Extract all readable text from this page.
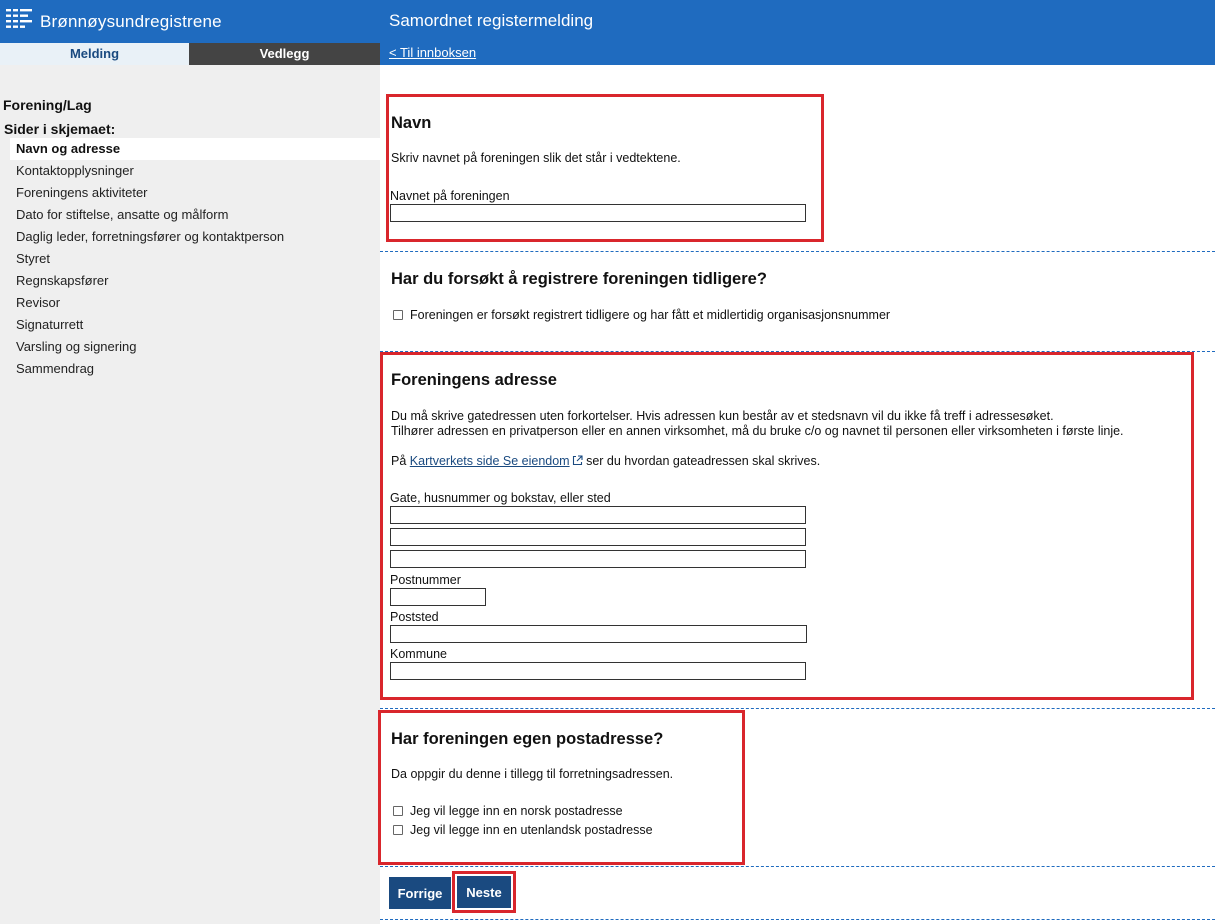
Brønnøysundregistrene	Samordnet registermelding
< Til innboksen
Melding	Vedlegg
Forening/Lag
Sider i skjemaet:
Navn og adresse
Kontaktopplysninger
Foreningens aktiviteter
Dato for stiftelse, ansatte og målform
Daglig leder, forretningsfører og kontaktperson
Styret
Regnskapsfører
Revisor
Signaturrett
Varsling og signering
Sammendrag
Navn
Skriv navnet på foreningen slik det står i vedtektene.
Navnet på foreningen
Har du forsøkt å registrere foreningen tidligere?
Foreningen er forsøkt registrert tidligere og har fått et midlertidig organisasjonsnummer
Foreningens adresse
Du må skrive gatedressen uten forkortelser. Hvis adressen kun består av et stedsnavn vil du ikke få treff i adressesøket.
Tilhører adressen en privatperson eller en annen virksomhet, må du bruke c/o og navnet til personen eller virksomheten i første linje.
På Kartverkets side Se eiendom ser du hvordan gateadressen skal skrives.
Gate, husnummer og bokstav, eller sted
Postnummer
Poststed
Kommune
Har foreningen egen postadresse?
Da oppgir du denne i tillegg til forretningsadressen.
Jeg vil legge inn en norsk postadresse
Jeg vil legge inn en utenlandsk postadresse
Forrige	Neste
